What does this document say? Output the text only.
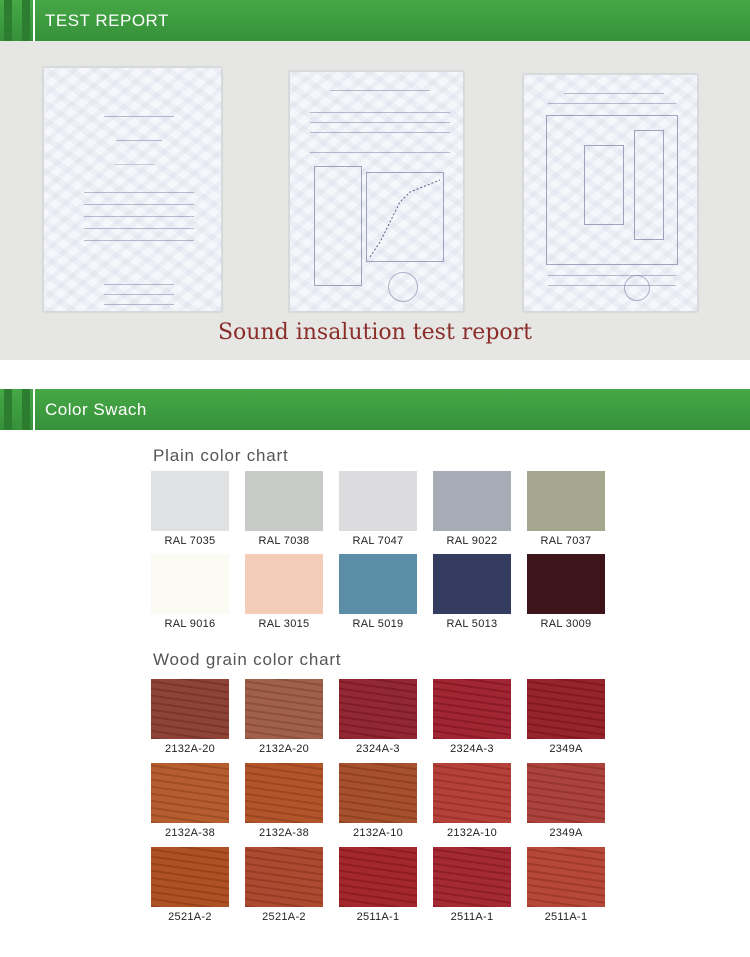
TEST REPORT
Sound insalution test report
Color Swach
Plain color chart
RAL 7035	RAL 7038	RAL 7047	RAL 9022	RAL 7037
RAL 9016	RAL 3015	RAL 5019	RAL 5013	RAL 3009
Wood grain color chart
2132A-20	2132A-20	2324A-3	2324A-3	2349A
2132A-38	2132A-38	2132A-10	2132A-10	2349A
2521A-2	2521A-2	2511A-1	2511A-1	2511A-1
